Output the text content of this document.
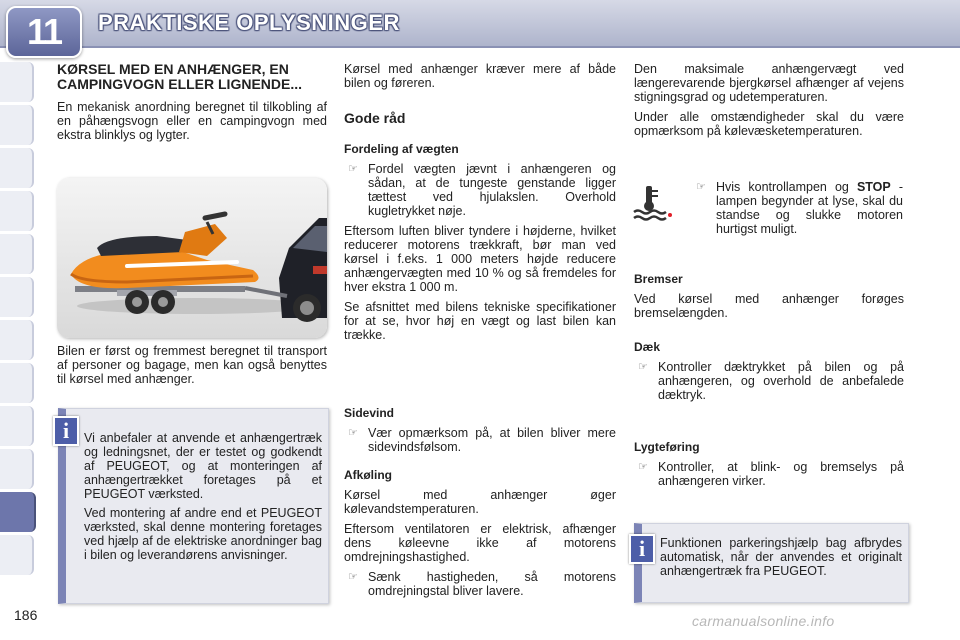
11	PRAKTISKE OPLYSNINGER
186
KØRSEL MED EN ANHÆNGER, EN CAMPINGVOGN ELLER LIGNENDE...

En mekanisk anordning beregnet til tilkobling af en påhængsvogn eller en campingvogn med ekstra blinklys og lygter.

Bilen er først og fremmest beregnet til transport af personer og bagage, men kan også benyttes til kørsel med anhænger.

Vi anbefaler at anvende et anhængertræk og ledningsnet, der er testet og godkendt af PEUGEOT, og at monteringen af anhængertrækket foretages på et PEUGEOT værksted.

Ved montering af andre end et PEUGEOT værksted, skal denne montering foretages ved hjælp af de elektriske anordninger bag i bilen og leverandørens anvisninger.

i

Kørsel med anhænger kræver mere af både bilen og føreren.

Gode råd
Fordeling af vægten
☞ Fordel vægten jævnt i anhængeren og sådan, at de tungeste genstande ligger tættest ved hjulakslen. Overhold kugletrykket nøje.

Eftersom luften bliver tyndere i højderne, hvilket reducerer motorens trækkraft, bør man ved kørsel i f.eks. 1 000 meters højde reducere anhængervægten med 10 % og så fremdeles for hver ekstra 1 000 m.

Se afsnittet med bilens tekniske specifikationer for at se, hvor høj en vægt og last bilen kan trække.

Sidevind
☞ Vær opmærksom på, at bilen bliver mere sidevindsfølsom.
Afkøling

Kørsel med anhænger øger kølevandstemperaturen.

Eftersom ventilatoren er elektrisk, afhænger dens køleevne ikke af motorens omdrejningshastighed.

☞ Sænk hastigheden, så motorens omdrejningstal bliver lavere.

Den maksimale anhængervægt ved længerevarende bjergkørsel afhænger af vejens stigningsgrad og udetemperaturen.

Under alle omstændigheder skal du være opmærksom på kølevæsketemperaturen.

☞ Hvis kontrollampen og STOP -lampen begynder at lyse, skal du standse og slukke motoren hurtigst muligt.
Bremser

Ved kørsel med anhænger forøges bremselængden.

Dæk
☞ Kontroller dæktrykket på bilen og på anhængeren, og overhold de anbefalede dæktryk.
Lygteføring
☞ Kontroller, at blink- og bremselys på anhængeren virker.

Funktionen parkeringshjælp bag afbrydes automatisk, når der anvendes et originalt anhængertræk fra PEUGEOT.

i
carmanualsonline.info
